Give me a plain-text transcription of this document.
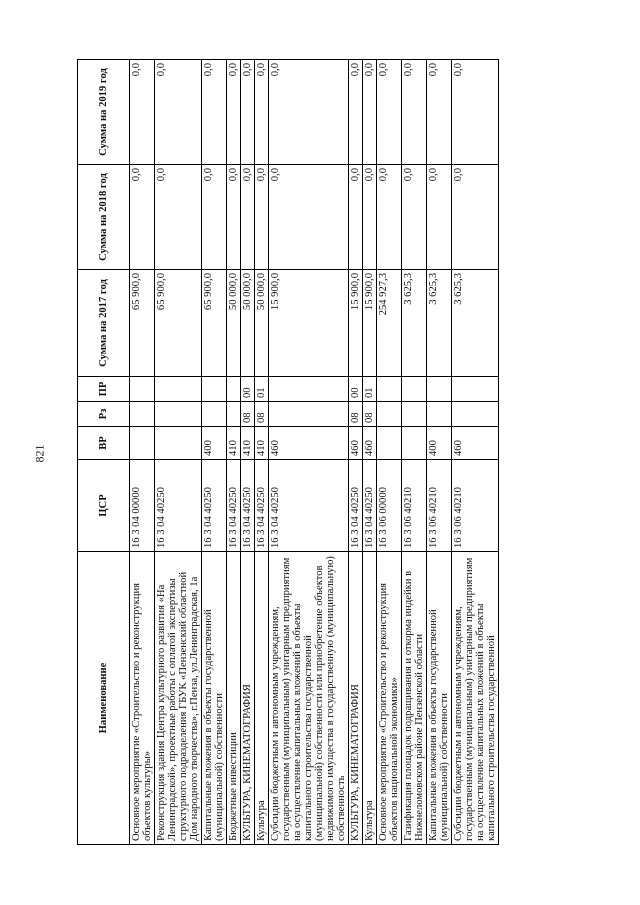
821
Наименование	ЦСР	ВР	Рз	ПР	Сумма на 2017 год	Сумма на 2018 год	Сумма на 2019 год
Основное мероприятие «Строительство и реконструкция объектов культуры»	16 3 04 00000				65 900,0	0,0	0,0
Реконструкция здания Центра культурного развития «На Ленинградской», проектные работы с оплатой экспертизы структурного подразделения ГБУК «Пензенский областной Дом народного творчества», г.Пенза, ул.Ленинградская, 1а	16 3 04 40250				65 900,0	0,0	0,0
Капитальные вложения в объекты государственной (муниципальной) собственности	16 3 04 40250	400			65 900,0	0,0	0,0
Бюджетные инвестиции	16 3 04 40250	410			50 000,0	0,0	0,0
КУЛЬТУРА, КИНЕМАТОГРАФИЯ	16 3 04 40250	410	08	00	50 000,0	0,0	0,0
Культура	16 3 04 40250	410	08	01	50 000,0	0,0	0,0
Субсидии бюджетным и автономным учреждениям, государственным (муниципальным) унитарным предприятиям на осуществление капитальных вложений в объекты капитального строительства государственной (муниципальной) собственности или приобретение объектов недвижимого имущества в государственную (муниципальную) собственность	16 3 04 40250	460			15 900,0	0,0	0,0
КУЛЬТУРА, КИНЕМАТОГРАФИЯ	16 3 04 40250	460	08	00	15 900,0	0,0	0,0
Культура	16 3 04 40250	460	08	01	15 900,0	0,0	0,0
Основное мероприятие «Строительство и реконструкция объектов национальной экономики»	16 3 06 00000				254 927,3	0,0	0,0
Газификация площадок подращивания и откорма индейки в Нижнеломовском районе Пензенской области	16 3 06 40210				3 625,3	0,0	0,0
Капитальные вложения в объекты государственной (муниципальной) собственности	16 3 06 40210	400			3 625,3	0,0	0,0
Субсидии бюджетным и автономным учреждениям, государственным (муниципальным) унитарным предприятиям на осуществление капитальных вложений в объекты капитального строительства государственной	16 3 06 40210	460			3 625,3	0,0	0,0
